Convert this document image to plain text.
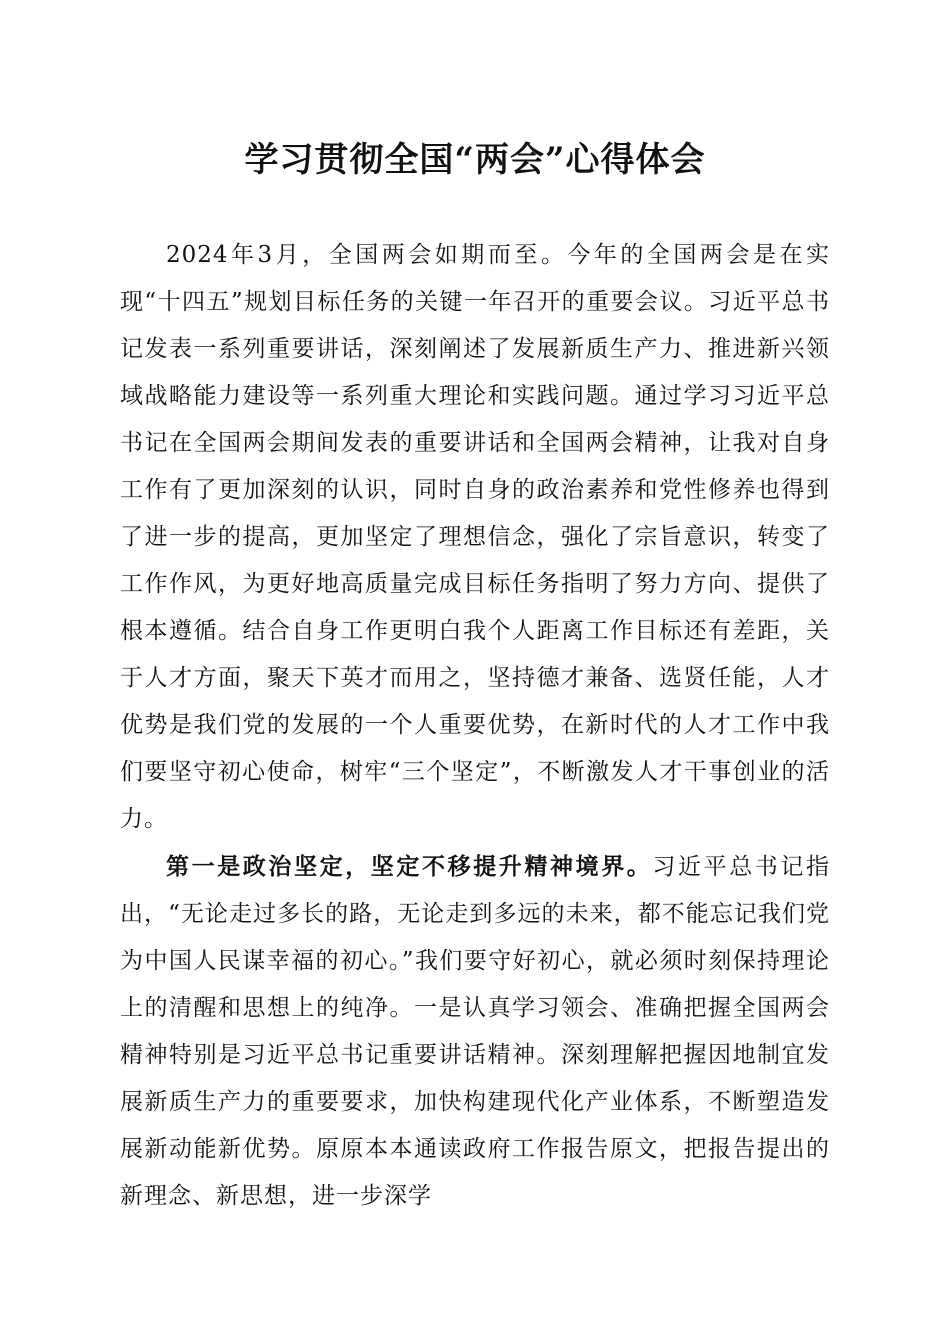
学习贯彻全国“两会”心得体会

2024年3月，全国两会如期而至。今年的全国两会是在实现“十四五”规划目标任务的关键一年召开的重要会议。习近平总书记发表一系列重要讲话，深刻阐述了发展新质生产力、推进新兴领域战略能力建设等一系列重大理论和实践问题。通过学习习近平总书记在全国两会期间发表的重要讲话和全国两会精神，让我对自身工作有了更加深刻的认识，同时自身的政治素养和党性修养也得到了进一步的提高，更加坚定了理想信念，强化了宗旨意识，转变了工作作风，为更好地高质量完成目标任务指明了努力方向、提供了根本遵循。结合自身工作更明白我个人距离工作目标还有差距，关于人才方面，聚天下英才而用之，坚持德才兼备、选贤任能，人才优势是我们党的发展的一个人重要优势，在新时代的人才工作中我们要坚守初心使命，树牢“三个坚定”，不断激发人才干事创业的活力。

第一是政治坚定，坚定不移提升精神境界。习近平总书记指出，“无论走过多长的路，无论走到多远的未来，都不能忘记我们党为中国人民谋幸福的初心。”我们要守好初心，就必须时刻保持理论上的清醒和思想上的纯净。一是认真学习领会、准确把握全国两会精神特别是习近平总书记重要讲话精神。深刻理解把握因地制宜发展新质生产力的重要要求，加快构建现代化产业体系，不断塑造发展新动能新优势。原原本本通读政府工作报告原文，把报告提出的新理念、新思想，进一步深学
